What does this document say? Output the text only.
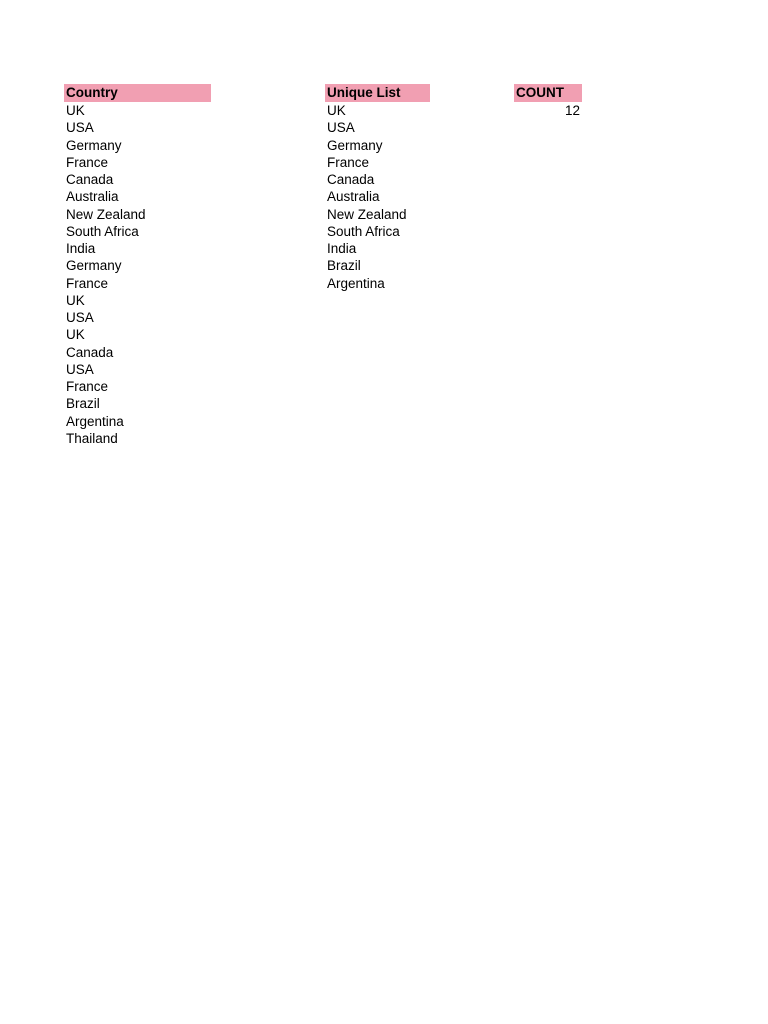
Country
UK
USA
Germany
France
Canada
Australia
New Zealand
South Africa
India
Germany
France
UK
USA
UK
Canada
USA
France
Brazil
Argentina
Thailand
Unique List
UK
USA
Germany
France
Canada
Australia
New Zealand
South Africa
India
Brazil
Argentina
COUNT
12
